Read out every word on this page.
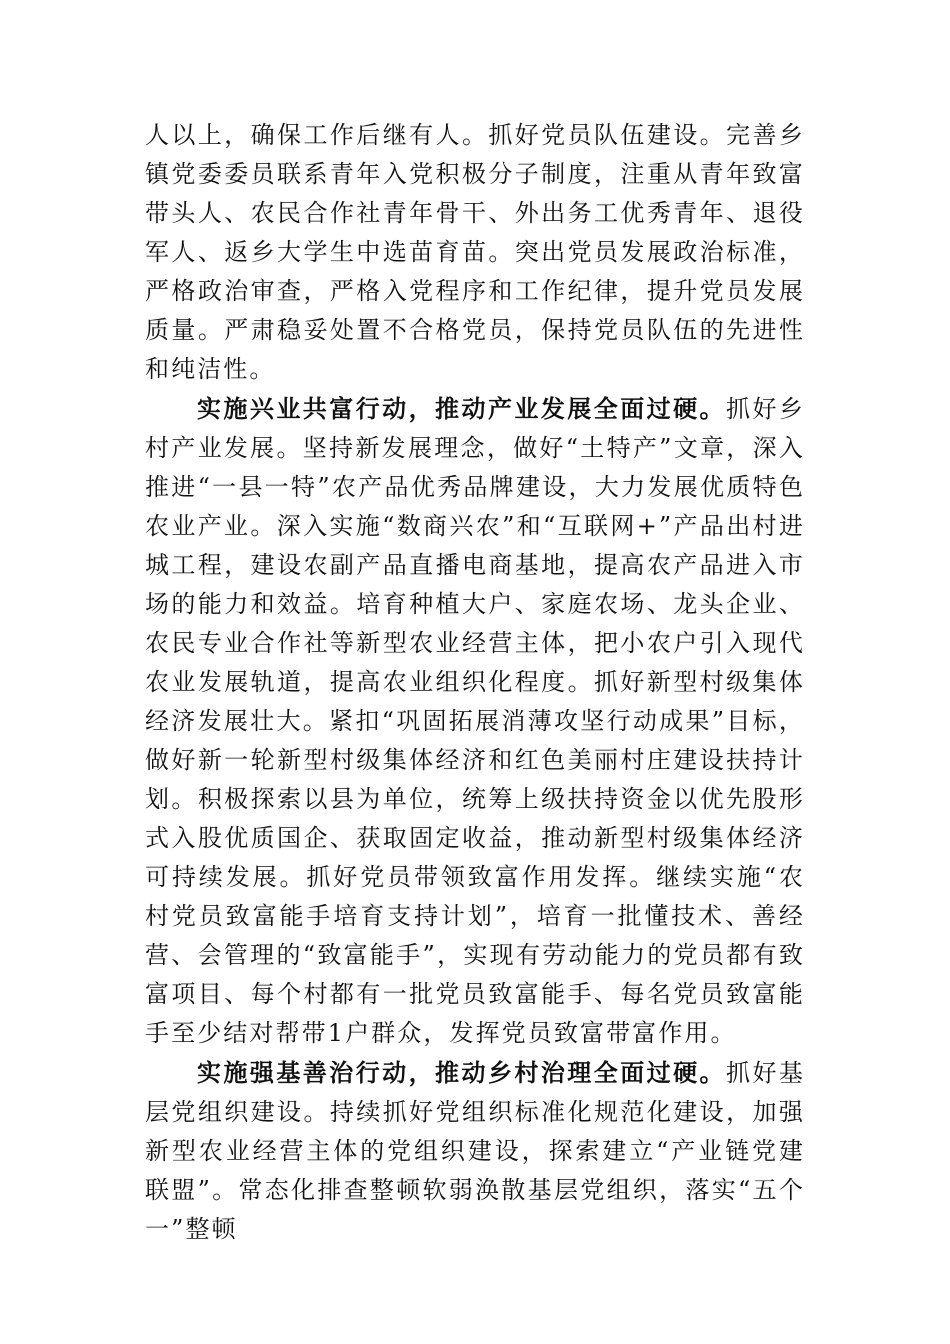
人以上，确保工作后继有人。抓好党员队伍建设。完善乡镇党委委员联系青年入党积极分子制度，注重从青年致富带头人、农民合作社青年骨干、外出务工优秀青年、退役军人、返乡大学生中选苗育苗。突出党员发展政治标准，严格政治审查，严格入党程序和工作纪律，提升党员发展质量。严肃稳妥处置不合格党员，保持党员队伍的先进性和纯洁性。

实施兴业共富行动，推动产业发展全面过硬。抓好乡村产业发展。坚持新发展理念，做好“土特产”文章，深入推进“一县一特”农产品优秀品牌建设，大力发展优质特色农业产业。深入实施“数商兴农”和“互联网+”产品出村进城工程，建设农副产品直播电商基地，提高农产品进入市场的能力和效益。培育种植大户、家庭农场、龙头企业、农民专业合作社等新型农业经营主体，把小农户引入现代农业发展轨道，提高农业组织化程度。抓好新型村级集体经济发展壮大。紧扣“巩固拓展消薄攻坚行动成果”目标，做好新一轮新型村级集体经济和红色美丽村庄建设扶持计划。积极探索以县为单位，统筹上级扶持资金以优先股形式入股优质国企、获取固定收益，推动新型村级集体经济可持续发展。抓好党员带领致富作用发挥。继续实施“农村党员致富能手培育支持计划”，培育一批懂技术、善经营、会管理的“致富能手”，实现有劳动能力的党员都有致富项目、每个村都有一批党员致富能手、每名党员致富能手至少结对帮带1户群众，发挥党员致富带富作用。

实施强基善治行动，推动乡村治理全面过硬。抓好基层党组织建设。持续抓好党组织标准化规范化建设，加强新型农业经营主体的党组织建设，探索建立“产业链党建联盟”。常态化排查整顿软弱涣散基层党组织，落实“五个一”整顿
